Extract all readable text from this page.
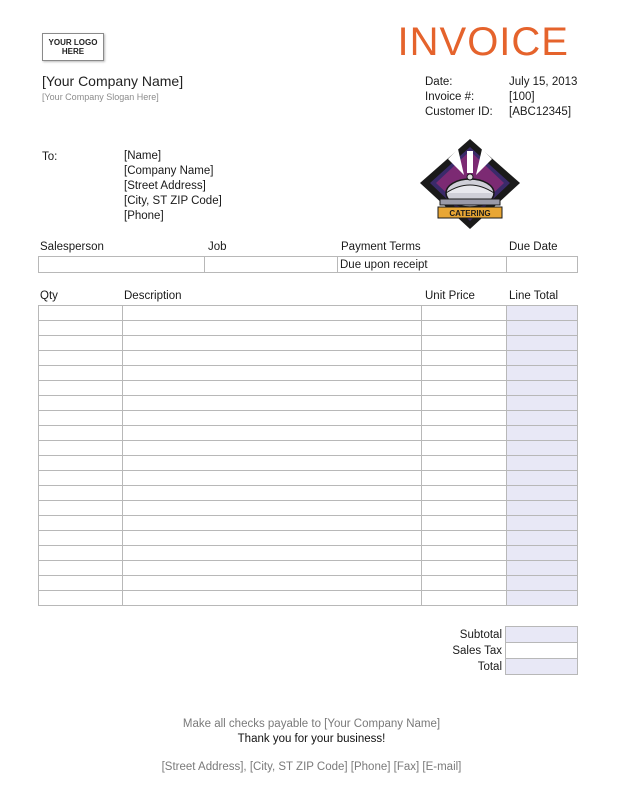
YOUR LOGO
HERE	INVOICE
[Your Company Name]
[Your Company Slogan Here]
Date:	July 15, 2013
Invoice #:	[100]
Customer ID: [ABC12345]
To:	[Name]
[Company Name]
[Street Address]
[City, ST ZIP Code]
[Phone]	CATERING
Salesperson	Job	Payment Terms	Due Date
		Due upon receipt	
Qty	Description	Unit Price	Line Total

Subtotal	
Sales Tax	
Total	
Make all checks payable to [Your Company Name]
Thank you for your business!
[Street Address], [City, ST ZIP Code] [Phone] [Fax] [E-mail]
